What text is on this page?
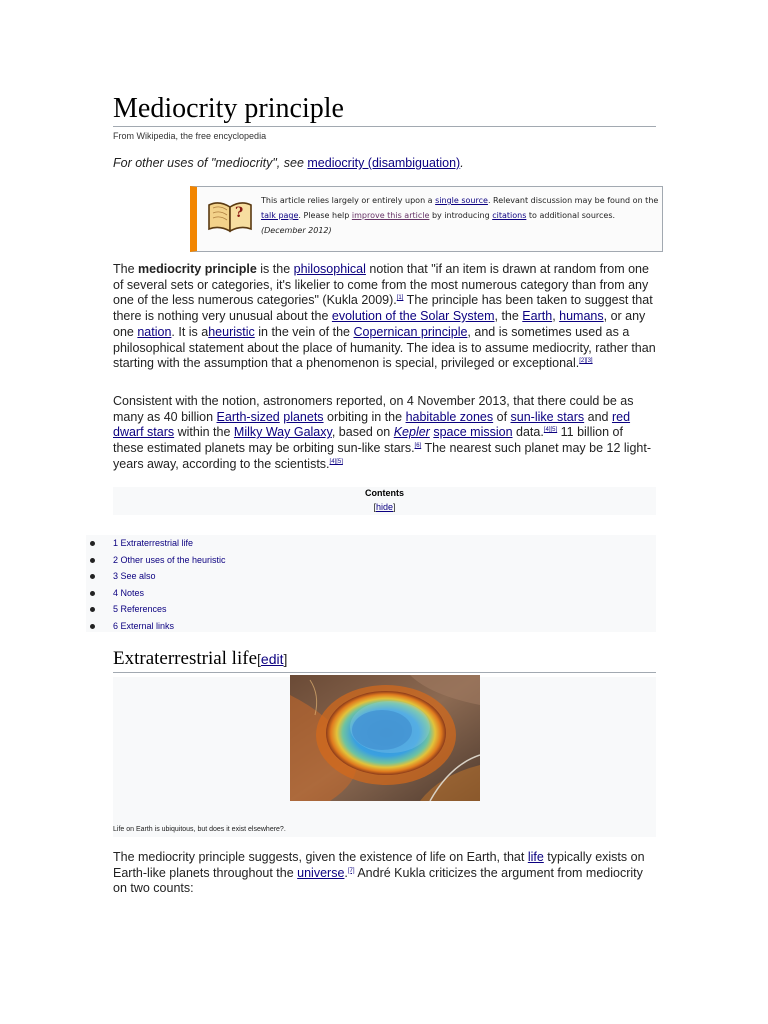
Mediocrity principle
From Wikipedia, the free encyclopedia
For other uses of "mediocrity", see mediocrity (disambiguation).
?
This article relies largely or entirely upon a single source. Relevant discussion may be found on the talk page. Please help improve this article by introducing citations to additional sources. (December 2012)

The mediocrity principle is the philosophical notion that "if an item is drawn at random from one of several sets or categories, it's likelier to come from the most numerous category than from any one of the less numerous categories" (Kukla 2009).[1] The principle has been taken to suggest that there is nothing very unusual about the evolution of the Solar System, the Earth, humans, or any one nation. It is aheuristic in the vein of the Copernican principle, and is sometimes used as a philosophical statement about the place of humanity. The idea is to assume mediocrity, rather than starting with the assumption that a phenomenon is special, privileged or exceptional.[2][3]

Consistent with the notion, astronomers reported, on 4 November 2013, that there could be as many as 40 billion Earth-sized planets orbiting in the habitable zones of sun-like stars and red dwarf stars within the Milky Way Galaxy, based on Kepler space mission data.[4][5] 11 billion of these estimated planets may be orbiting sun-like stars.[6] The nearest such planet may be 12 light-years away, according to the scientists.[4][5]

The mediocrity principle suggests, given the existence of life on Earth, that life typically exists on Earth-like planets throughout the universe.[7] André Kukla criticizes the argument from mediocrity on two counts:

Contents
[hide]
1 Extraterrestrial life
2 Other uses of the heuristic
3 See also
4 Notes
5 References
6 External links
Extraterrestrial life[edit]
Life on Earth is ubiquitous, but does it exist elsewhere?.
